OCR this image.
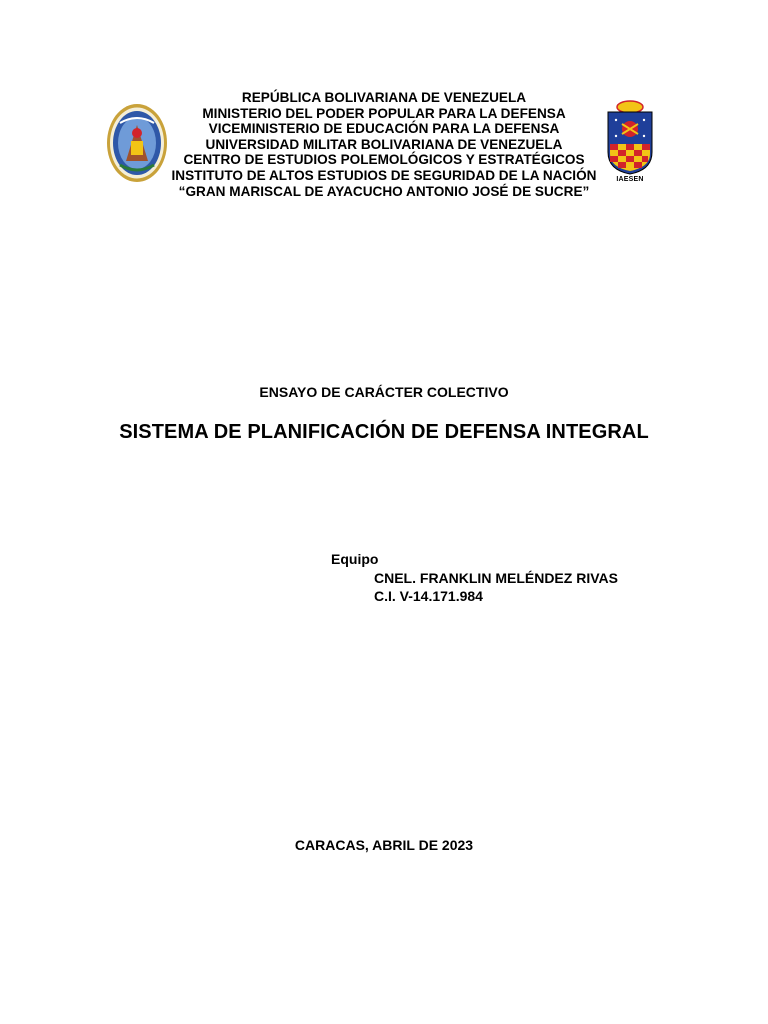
REPÚBLICA BOLIVARIANA DE VENEZUELA
MINISTERIO DEL PODER POPULAR PARA LA DEFENSA
VICEMINISTERIO DE EDUCACIÓN PARA LA DEFENSA
UNIVERSIDAD MILITAR BOLIVARIANA DE VENEZUELA
CENTRO DE ESTUDIOS POLEMOLÓGICOS Y ESTRATÉGICOS
INSTITUTO DE ALTOS ESTUDIOS DE SEGURIDAD DE LA NACIÓN
“GRAN MARISCAL DE AYACUCHO ANTONIO JOSÉ DE SUCRE”
IAESEN
ENSAYO DE CARÁCTER COLECTIVO
SISTEMA DE PLANIFICACIÓN DE DEFENSA INTEGRAL
Equipo
CNEL. FRANKLIN MELÉNDEZ RIVAS
C.I. V-14.171.984
CARACAS, ABRIL DE 2023
